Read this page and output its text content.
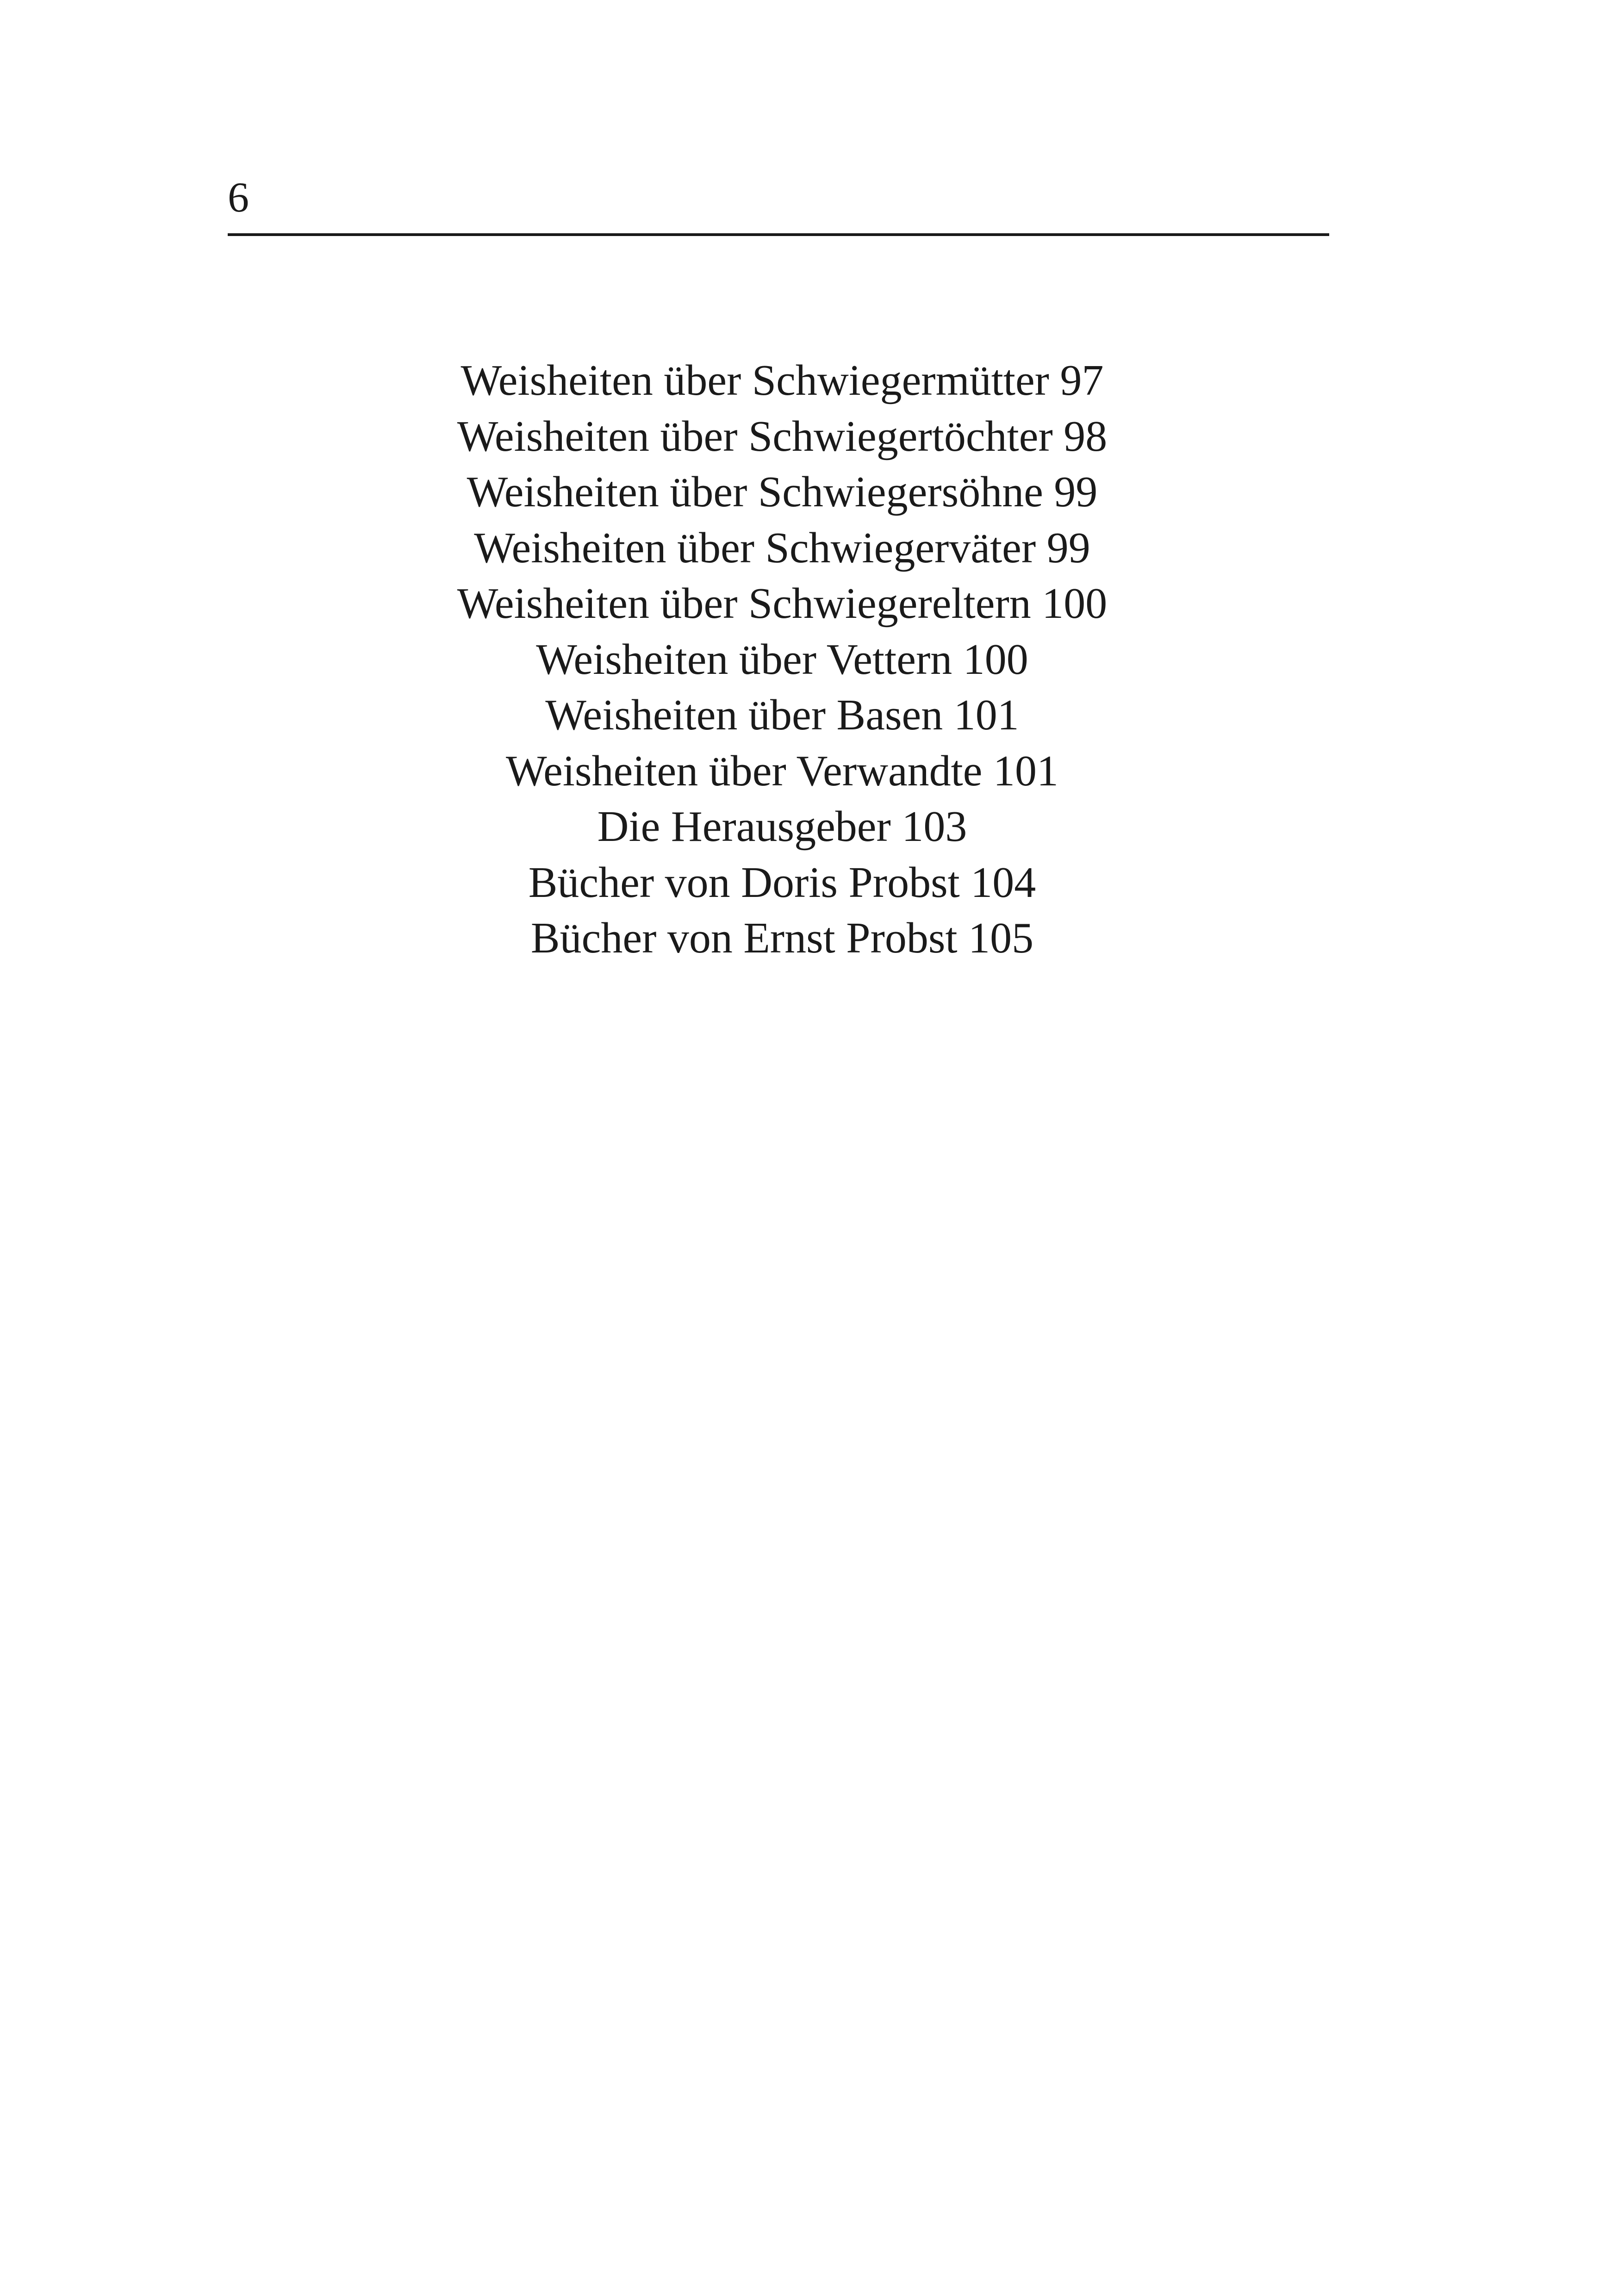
6
Weisheiten über Schwiegermütter 97
Weisheiten über Schwiegertöchter 98
Weisheiten über Schwiegersöhne 99
Weisheiten über Schwiegerväter 99
Weisheiten über Schwiegereltern 100
Weisheiten über Vettern 100
Weisheiten über Basen 101
Weisheiten über Verwandte 101
Die Herausgeber 103
Bücher von Doris Probst 104
Bücher von Ernst Probst 105
